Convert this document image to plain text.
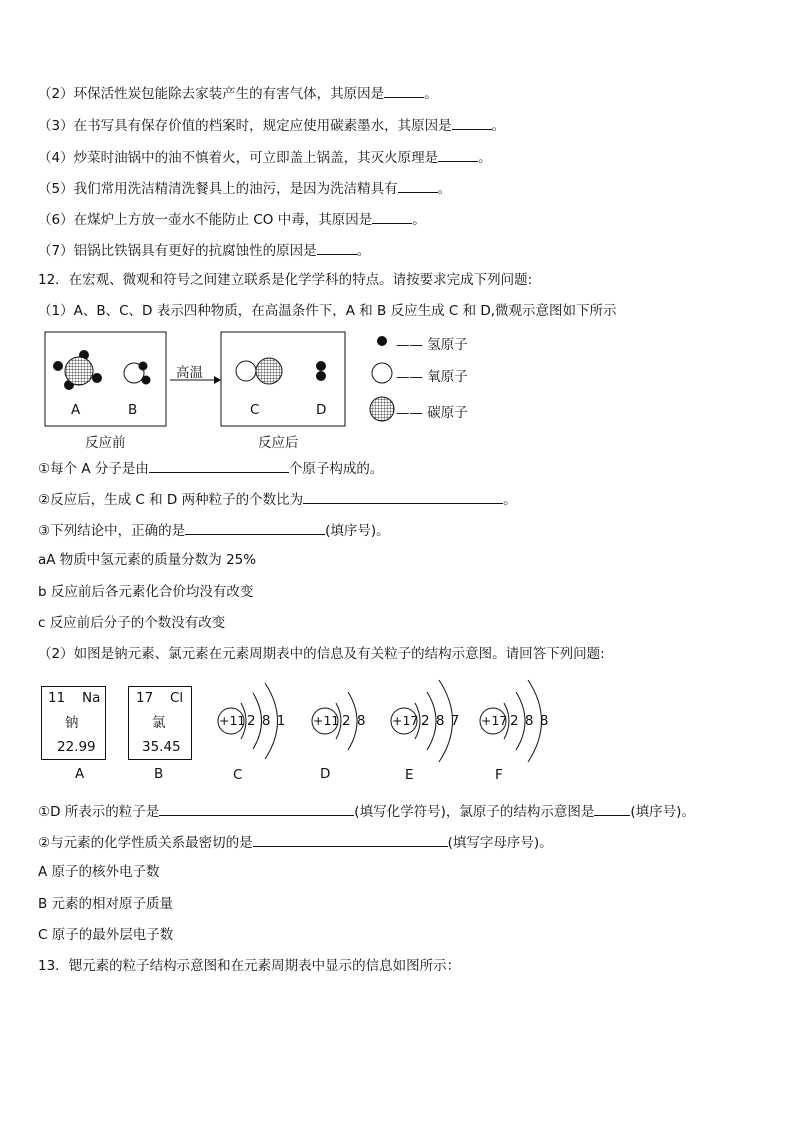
（2）环保活性炭包能除去家装产生的有害气体，其原因是	。
（3）在书写具有保存价值的档案时，规定应使用碳素墨水，其原因是	。
（4）炒菜时油锅中的油不慎着火，可立即盖上锅盖，其灭火原理是	。
（5）我们常用洗洁精清洗餐具上的油污，是因为洗洁精具有	。
（6）在煤炉上方放一壶水不能防止 CO 中毒，其原因是	。
（7）铝锅比铁锅具有更好的抗腐蚀性的原因是	。
12．在宏观、微观和符号之间建立联系是化学学科的特点。请按要求完成下列问题:
（1）A、B、C、D 表示四种物质，在高温条件下，A 和 B 反应生成 C 和 D,微观示意图如下所示
高温
A	B	C	D
反应前	反应后
—— 氢原子
—— 氧原子
—— 碳原子
①每个 A 分子是由	个原子构成的。
②反应后，生成 C 和 D 两种粒子的个数比为	。
③下列结论中，正确的是	(填序号)。
aA 物质中氢元素的质量分数为 25%
b 反应前后各元素化合价均没有改变
c 反应前后分子的个数没有改变
（2）如图是钠元素、氯元素在元素周期表中的信息及有关粒子的结构示意图。请回答下列问题:
11 Na
钠
22.99
17 Cl
氯
35.45
A	B
+11 2 8 1 +11 2 8 +17 2 8 7 +17 2 8 8
C	D	E	F
①D 所表示的粒子是	(填写化学符号)，氯原子的结构示意图是	(填序号)。
②与元素的化学性质关系最密切的是	(填写字母序号)。
A 原子的核外电子数
B 元素的相对原子质量
C 原子的最外层电子数
13．锶元素的粒子结构示意图和在元素周期表中显示的信息如图所示：
